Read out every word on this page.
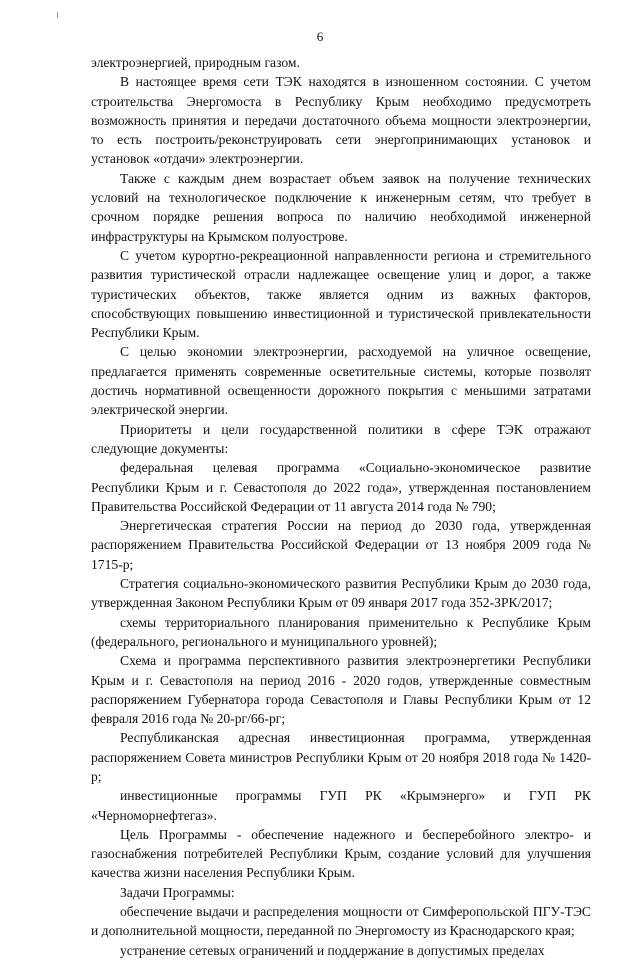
6

электроэнергией, природным газом.

В настоящее время сети ТЭК находятся в изношенном состоянии. С учетом строительства Энергомоста в Республику Крым необходимо предусмотреть возможность принятия и передачи достаточного объема мощности электроэнергии, то есть построить/реконструировать сети энергопринимающих установок и установок «отдачи» электроэнергии.

Также с каждым днем возрастает объем заявок на получение технических условий на технологическое подключение к инженерным сетям, что требует в срочном порядке решения вопроса по наличию необходимой инженерной инфраструктуры на Крымском полуострове.

С учетом курортно-рекреационной направленности региона и стремительного развития туристической отрасли надлежащее освещение улиц и дорог, а также туристических объектов, также является одним из важных факторов, способствующих повышению инвестиционной и туристической привлекательности Республики Крым.

С целью экономии электроэнергии, расходуемой на уличное освещение, предлагается применять современные осветительные системы, которые позволят достичь нормативной освещенности дорожного покрытия с меньшими затратами электрической энергии.

Приоритеты и цели государственной политики в сфере ТЭК отражают следующие документы:

федеральная целевая программа «Социально-экономическое развитие Республики Крым и г. Севастополя до 2022 года», утвержденная постановлением Правительства Российской Федерации от 11 августа 2014 года № 790;

Энергетическая стратегия России на период до 2030 года, утвержденная распоряжением Правительства Российской Федерации от 13 ноября 2009 года № 1715-р;

Стратегия социально-экономического развития Республики Крым до 2030 года, утвержденная Законом Республики Крым от 09 января 2017 года 352-ЗРК/2017;

схемы территориального планирования применительно к Республике Крым (федерального, регионального и муниципального уровней);

Схема и программа перспективного развития электроэнергетики Республики Крым и г. Севастополя на период 2016 - 2020 годов, утвержденные совместным распоряжением Губернатора города Севастополя и Главы Республики Крым от 12 февраля 2016 года № 20-рг/66-рг;

Республиканская адресная инвестиционная программа, утвержденная распоряжением Совета министров Республики Крым от 20 ноября 2018 года № 1420-р;

инвестиционные программы ГУП РК «Крымэнерго» и ГУП РК «Черноморнефтегаз».

Цель Программы - обеспечение надежного и бесперебойного электро- и газоснабжения потребителей Республики Крым, создание условий для улучшения качества жизни населения Республики Крым.

Задачи Программы:

обеспечение выдачи и распределения мощности от Симферопольской ПГУ-ТЭС и дополнительной мощности, переданной по Энергомосту из Краснодарского края;

устранение сетевых ограничений и поддержание в допустимых пределах
